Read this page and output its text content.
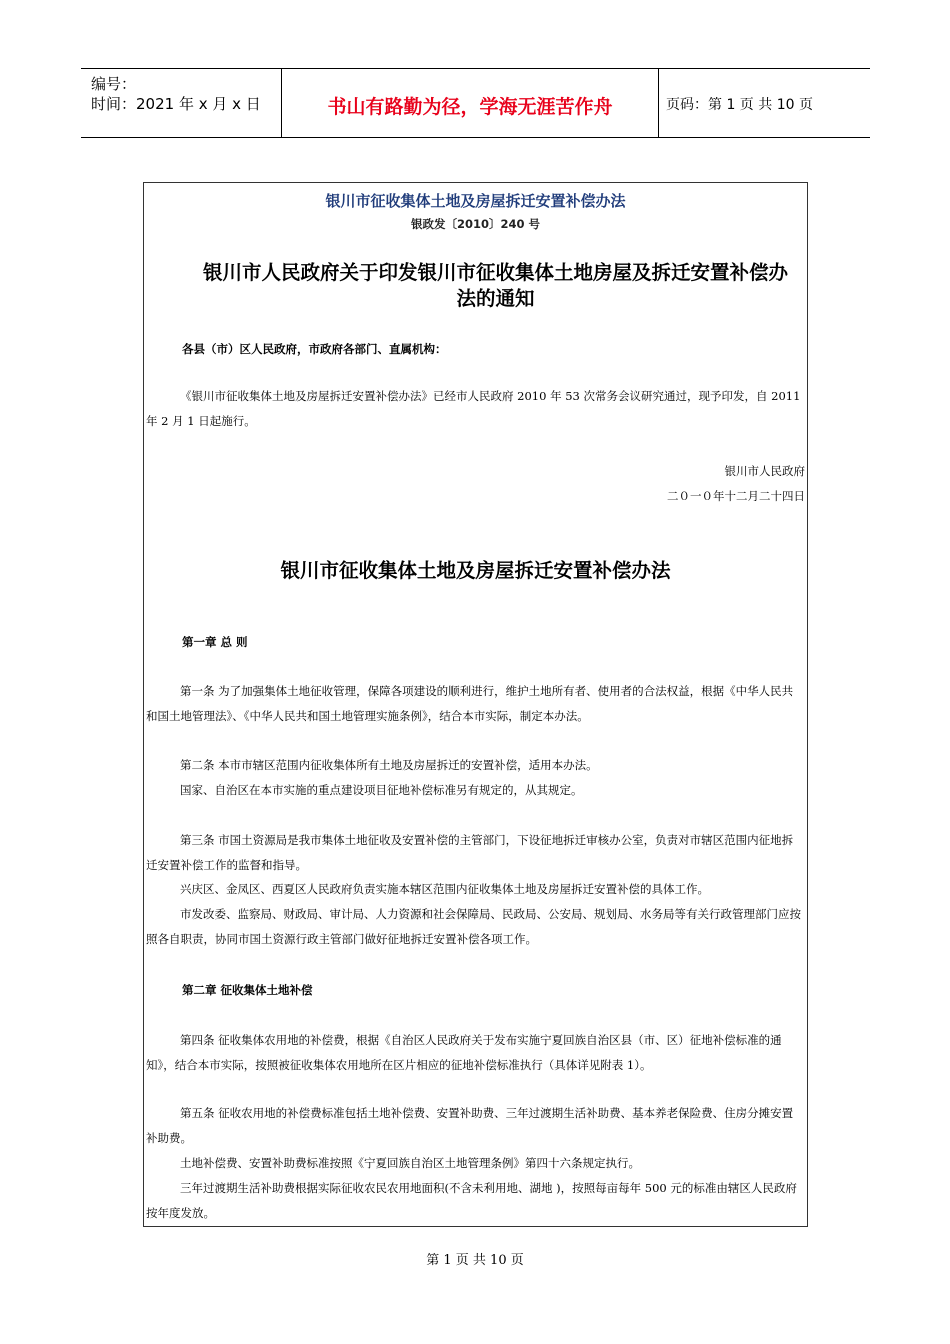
编号：
时间：2021 年 x 月 x 日	书山有路勤为径，学海无涯苦作舟	页码：第 1 页 共 10 页
银川市征收集体土地及房屋拆迁安置补偿办法
银政发〔2010〕240 号
银川市人民政府关于印发银川市征收集体土地房屋及拆迁安置补偿办法的通知
各县（市）区人民政府，市政府各部门、直属机构：
《银川市征收集体土地及房屋拆迁安置补偿办法》已经市人民政府 2010 年 53 次常务会议研究通过，现予印发，自 2011 年 2 月 1 日起施行。
银川市人民政府
二０一０年十二月二十四日
银川市征收集体土地及房屋拆迁安置补偿办法
第一章 总 则
第一条 为了加强集体土地征收管理，保障各项建设的顺利进行，维护土地所有者、使用者的合法权益，根据《中华人民共和国土地管理法》、《中华人民共和国土地管理实施条例》，结合本市实际，制定本办法。
第二条 本市市辖区范围内征收集体所有土地及房屋拆迁的安置补偿，适用本办法。
国家、自治区在本市实施的重点建设项目征地补偿标准另有规定的，从其规定。
第三条 市国土资源局是我市集体土地征收及安置补偿的主管部门，下设征地拆迁审核办公室，负责对市辖区范围内征地拆迁安置补偿工作的监督和指导。
兴庆区、金凤区、西夏区人民政府负责实施本辖区范围内征收集体土地及房屋拆迁安置补偿的具体工作。
市发改委、监察局、财政局、审计局、人力资源和社会保障局、民政局、公安局、规划局、水务局等有关行政管理部门应按照各自职责，协同市国土资源行政主管部门做好征地拆迁安置补偿各项工作。
第二章 征收集体土地补偿
第四条 征收集体农用地的补偿费，根据《自治区人民政府关于发布实施宁夏回族自治区县（市、区）征地补偿标准的通知》，结合本市实际，按照被征收集体农用地所在区片相应的征地补偿标准执行（具体详见附表 1）。
第五条 征收农用地的补偿费标准包括土地补偿费、安置补助费、三年过渡期生活补助费、基本养老保险费、住房分摊安置补助费。
土地补偿费、安置补助费标准按照《宁夏回族自治区土地管理条例》第四十六条规定执行。
三年过渡期生活补助费根据实际征收农民农用地面积(不含未利用地、湖地 )，按照每亩每年 500 元的标准由辖区人民政府按年度发放。
第 1 页 共 10 页
